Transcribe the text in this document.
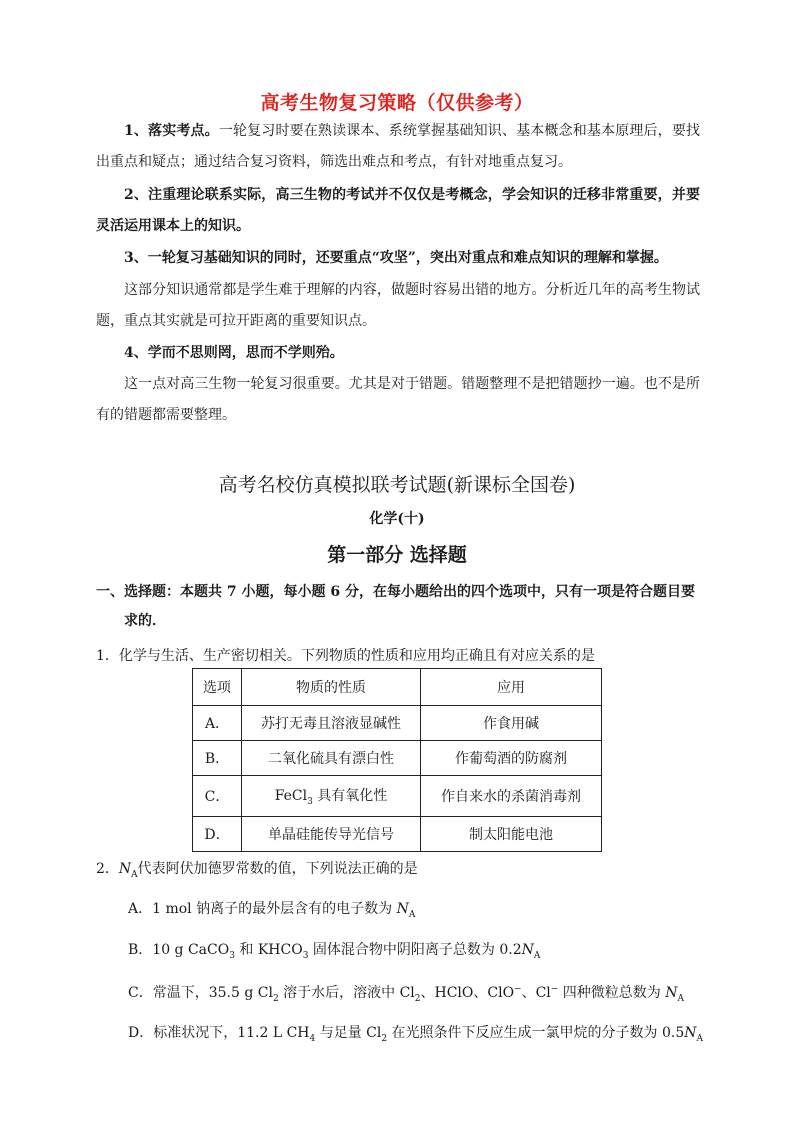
高考生物复习策略（仅供参考）
1、落实考点。一轮复习时要在熟读课本、系统掌握基础知识、基本概念和基本原理后，要找出重点和疑点；通过结合复习资料，筛选出难点和考点，有针对地重点复习。
2、注重理论联系实际，高三生物的考试并不仅仅是考概念，学会知识的迁移非常重要，并要灵活运用课本上的知识。
3、一轮复习基础知识的同时，还要重点“攻坚”，突出对重点和难点知识的理解和掌握。
这部分知识通常都是学生难于理解的内容，做题时容易出错的地方。分析近几年的高考生物试题，重点其实就是可拉开距离的重要知识点。
4、学而不思则罔，思而不学则殆。
这一点对高三生物一轮复习很重要。尤其是对于错题。错题整理不是把错题抄一遍。也不是所有的错题都需要整理。
高考名校仿真模拟联考试题(新课标全国卷)
化学(十)
第一部分 选择题
一、选择题：本题共 7 小题，每小题 6 分，在每小题给出的四个选项中，只有一项是符合题目要
求的．
1．化学与生活、生产密切相关。下列物质的性质和应用均正确且有对应关系的是
选项	物质的性质	应用
A．	苏打无毒且溶液显碱性	作食用碱
B．	二氧化硫具有漂白性	作葡萄酒的防腐剂
C．	FeCl$_3$ 具有氧化性	作自来水的杀菌消毒剂
D．	单晶硅能传导光信号	制太阳能电池
2．$N_A$代表阿伏加德罗常数的值，下列说法正确的是
A．1 mol 钠离子的最外层含有的电子数为 $N_A$
B．10 g CaCO$_3$ 和 $KHCO_3$ 固体混合物中阴阳离子总数为 $0.2N_A$
C．常温下，35.5 g $Cl_2$ 溶于水后，溶液中 $Cl_2$、HClO、ClO−、Cl− 四种微粒总数为 $N_A$
D．标准状况下，11.2 L $CH_4$ 与足量 $Cl_2$ 在光照条件下反应生成一氯甲烷的分子数为 $0.5N_A$
